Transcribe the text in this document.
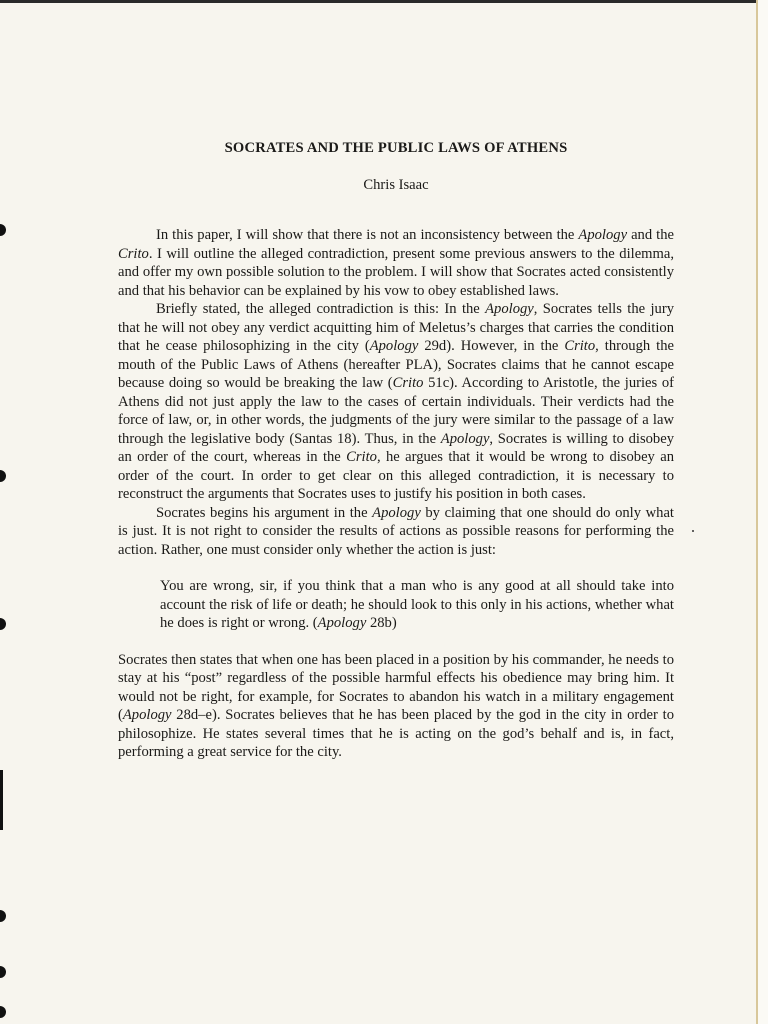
SOCRATES AND THE PUBLIC LAWS OF ATHENS
Chris Isaac

In this paper, I will show that there is not an inconsistency between the Apology and the Crito. I will outline the alleged contradiction, present some previous answers to the dilemma, and offer my own possible solution to the problem. I will show that Socrates acted consistently and that his behavior can be explained by his vow to obey established laws.

Briefly stated, the alleged contradiction is this: In the Apology, Socrates tells the jury that he will not obey any verdict acquitting him of Meletus’s charges that carries the condition that he cease philosophizing in the city (Apology 29d). However, in the Crito, through the mouth of the Public Laws of Athens (hereafter PLA), Socrates claims that he cannot escape because doing so would be breaking the law (Crito 51c). According to Aristotle, the juries of Athens did not just apply the law to the cases of certain individuals. Their verdicts had the force of law, or, in other words, the judgments of the jury were similar to the passage of a law through the legislative body (Santas 18). Thus, in the Apology, Socrates is willing to disobey an order of the court, whereas in the Crito, he argues that it would be wrong to disobey an order of the court. In order to get clear on this alleged contradiction, it is necessary to reconstruct the arguments that Socrates uses to justify his position in both cases.

Socrates begins his argument in the Apology by claiming that one should do only what is just. It is not right to consider the results of actions as possible reasons for performing the action. Rather, one must consider only whether the action is just:

You are wrong, sir, if you think that a man who is any good at all should take into account the risk of life or death; he should look to this only in his actions, whether what he does is right or wrong. (Apology 28b)

Socrates then states that when one has been placed in a position by his commander, he needs to stay at his “post” regardless of the possible harmful effects his obedience may bring him. It would not be right, for example, for Socrates to abandon his watch in a military engagement (Apology 28d–e). Socrates believes that he has been placed by the god in the city in order to philosophize. He states several times that he is acting on the god’s behalf and is, in fact, performing a great service for the city.
